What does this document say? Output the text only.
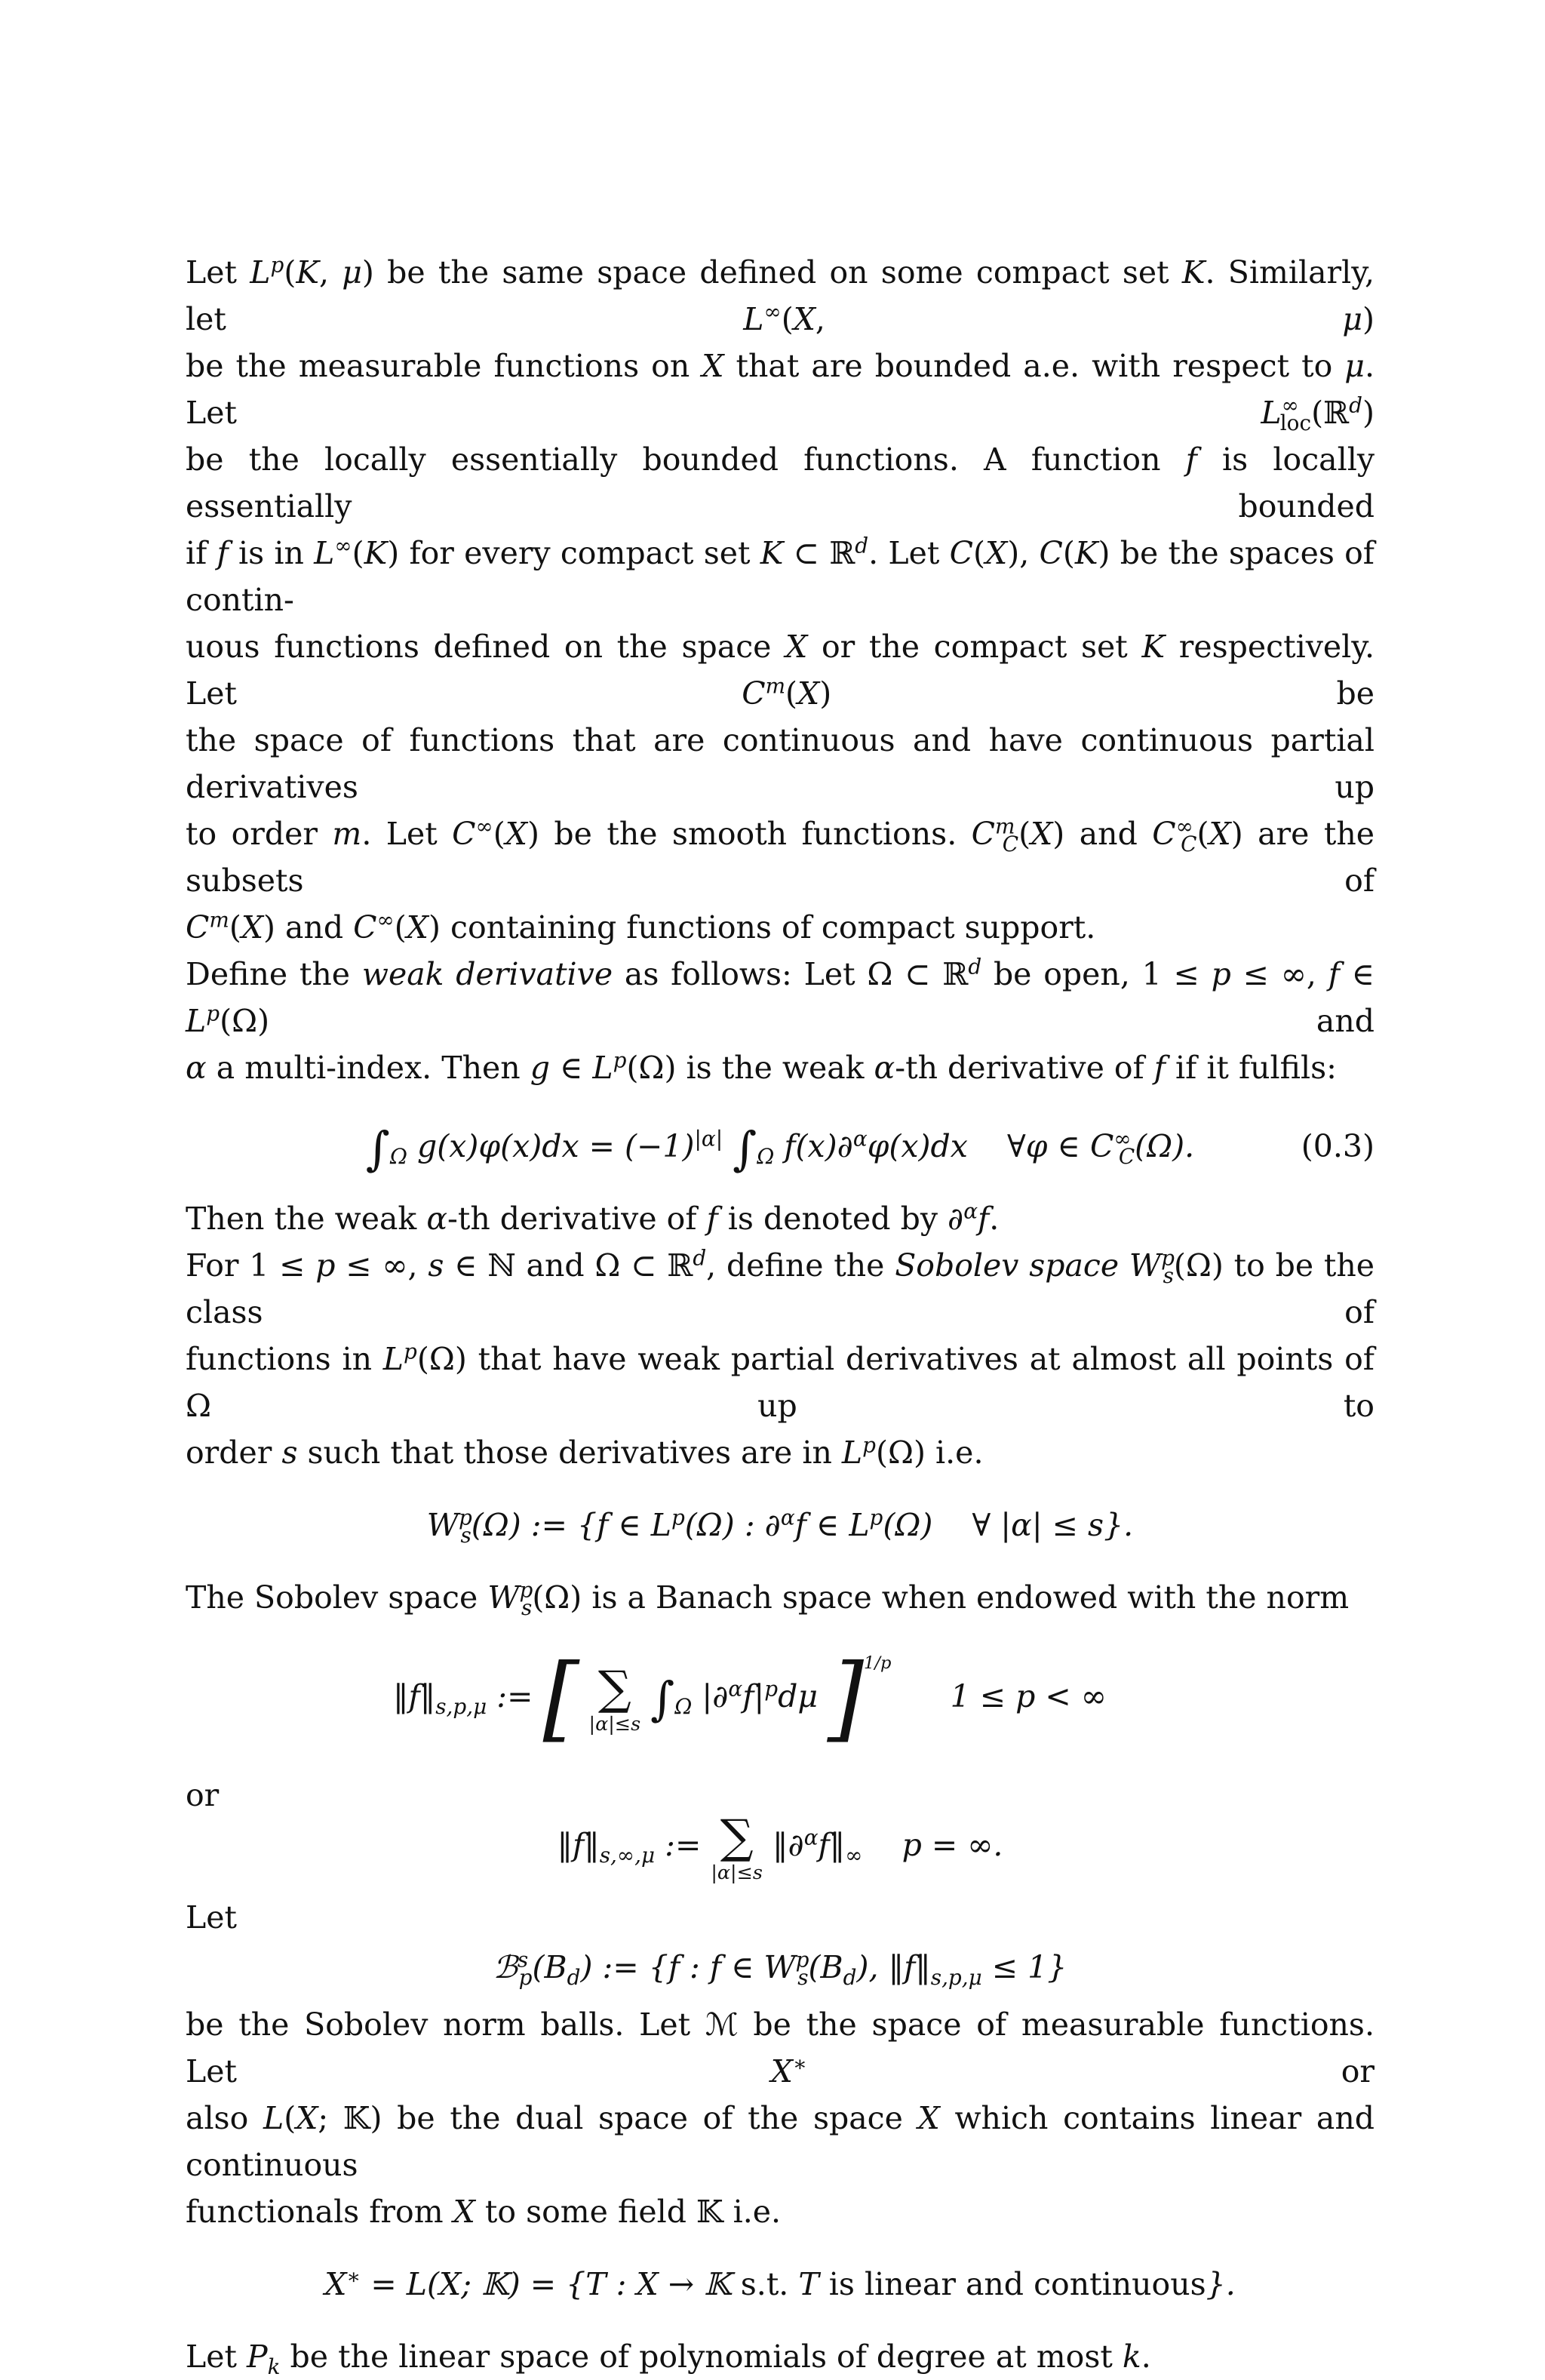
Let $L^p(K$, μ) be the same space defined on some compact set K. Similarly, let L∞(X, μ)

be the measurable functions on X that are bounded a.e. with respect to μ. Let $L^\infty_{loc}(ℝ^d)$

be the locally essentially bounded functions. A function f is locally essentially bounded

if f is in L∞(K) for every compact set K ⊂ ℝ$^d$. Let C(X), C(K) be the spaces of contin-

uous functions defined on the space X or the compact set K respectively. Let $C^m(X)$ be

the space of functions that are continuous and have continuous partial derivatives up

to order m. Let C∞(X) be the smooth functions. $C^m_C(X)$ and $C^\infty_C(X)$ are the subsets of

$C^m(X)$ and C∞(X) containing functions of compact support.

Define the weak derivative as follows: Let Ω ⊂ ℝ$^d$ be open, 1 ≤ p ≤ ∞, f ∈ $L^p(\Omega)$ and

α a multi-index. Then g ∈ $L^p(\Omega)$ is the weak α-th derivative of f if it fulfils:

$\int_\Omega$ $g(x)\varphi(x)dx = (-1)^{|\alpha|}$ $\int_\Omega$ f(x)∂$^\alpha$φ(x)dx    ∀φ ∈ $C^\infty_C(\Omega)$.	(0.3)

Then the weak α-th derivative of f is denoted by ∂$^\alpha$f.

For 1 ≤ p ≤ ∞, s ∈ ℕ and Ω ⊂ ℝ$^d$, define the Sobolev space $W^p_s(\Omega)$ to be the class of

functions in $L^p(\Omega)$ that have weak partial derivatives at almost all points of Ω up to

order s such that those derivatives are in $L^p(\Omega)$ i.e.

$W^p_s(\Omega)$ := {f ∈ $L^p(\Omega)$ : ∂$^\alpha$f ∈ $L^p(\Omega)$    ∀ |α| ≤ s}.

The Sobolev space $W^p_s(\Omega)$ is a Banach space when endowed with the norm

$‖f‖_{s,p,\mu}$ := [ ∑
|α|≤s $\int_\Omega$ $|\partial^\alpha f|^pd\mu$ ]$^{1/p}$      1 ≤ p < ∞

or

$‖f‖_{s,\infty,\mu}$ := ∑
|α|≤s
$‖\partial^\alpha f‖_\infty$ p = ∞.

Let

$ℬ^s_p(B_d)$ := {f : f ∈ $W^p_s(B_d)$, $‖f‖_{s,p,\mu} \le 1$}

be the Sobolev norm balls. Let ℳ be the space of measurable functions. Let X∗ or

also L(X; 𝕂) be the dual space of the space X which contains linear and continuous

functionals from X to some field 𝕂 i.e.

X∗ = L(X; 𝕂) = {T : X → 𝕂 s.t. T is linear and continuous}.

Let $P_k$ be the linear space of polynomials of degree at most k.
